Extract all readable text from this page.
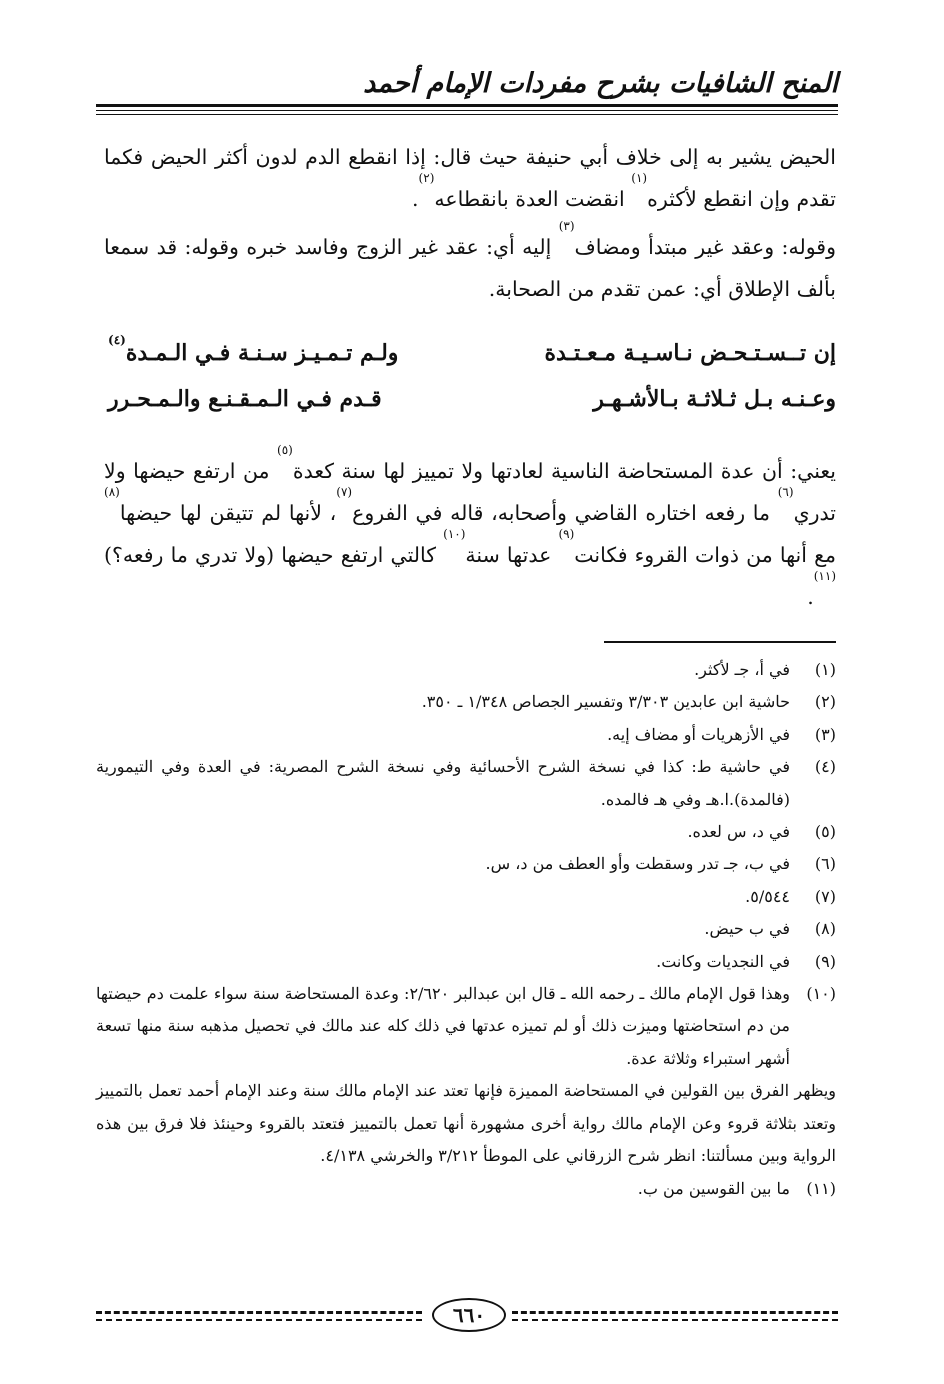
المنح الشافيات بشرح مفردات الإمام أحمد

الحيض يشير به إلى خلاف أبي حنيفة حيث قال: إذا انقطع الدم لدون أكثر الحيض فكما تقدم وإن انقطع لأكثره$^{(١)}$ انقضت العدة بانقطاعه$^{(٢)}$.

وقوله: وعقد غير مبتدأ ومضاف$^{(٣)}$ إليه أي: عقد غير الزوج وفاسد خبره وقوله: قد سمعا بألف الإطلاق أي: عمن تقدم من الصحابة.

إن تــسـتـحـض نـاسـيـة مـعـتـدة
ولـم تـمـيـز سـنـة فـي الـمـدة$^{(٤)}$
وعـنـه بـل ثـلاثـة بـالأشـهـر
قـدم فـي الـمـقـنـع والـمـحـرر

يعني: أن عدة المستحاضة الناسية لعادتها ولا تمييز لها سنة كعدة$^{(٥)}$ من ارتفع حيضها ولا تدري$^{(٦)}$ ما رفعه اختاره القاضي وأصحابه، قاله في الفروع$^{(٧)}$، لأنها لم تتيقن لها حيضها$^{(٨)}$ مع أنها من ذوات القروء فكانت$^{(٩)}$ عدتها سنة$^{(١٠)}$ كالتي ارتفع حيضها (ولا تدري ما رفعه؟)$^{(١١)}$.

(١)
في أ، جـ لأكثر.
(٢)
حاشية ابن عابدين ٣/٣٠٣ وتفسير الجصاص ١/٣٤٨ ـ ٣٥٠.
(٣)
في الأزهريات أو مضاف إيه.
(٤)
في حاشية ط: كذا في نسخة الشرح الأحسائية وفي نسخة الشرح المصرية: في العدة وفي التيمورية (فالمدة).ا.هـ وفي هـ فالمده.
(٥)
في د، س لعده.
(٦)
في ب، جـ تدر وسقطت وأو العطف من د، س.
(٧)
٥/٥٤٤.
(٨)
في ب حيض.
(٩)
في النجديات وكانت.
(١٠)
وهذا قول الإمام مالك ـ رحمه الله ـ قال ابن عبدالبر ٢/٦٢٠: وعدة المستحاضة سنة سواء علمت دم حيضتها من دم استحاضتها وميزت ذلك أو لم تميزه عدتها في ذلك كله عند مالك في تحصيل مذهبه سنة منها تسعة أشهر استبراء وثلاثة عدة.
ويظهر الفرق بين القولين في المستحاضة المميزة فإنها تعتد عند الإمام مالك سنة وعند الإمام أحمد تعمل بالتمييز وتعتد بثلاثة قروء وعن الإمام مالك رواية أخرى مشهورة أنها تعمل بالتمييز فتعتد بالقروء وحينئذ فلا فرق بين هذه الرواية وبين مسألتنا: انظر شرح الزرقاني على الموطأ ٣/٢١٢ والخرشي ٤/١٣٨.
(١١)
ما بين القوسين من ب.
٦٦٠
